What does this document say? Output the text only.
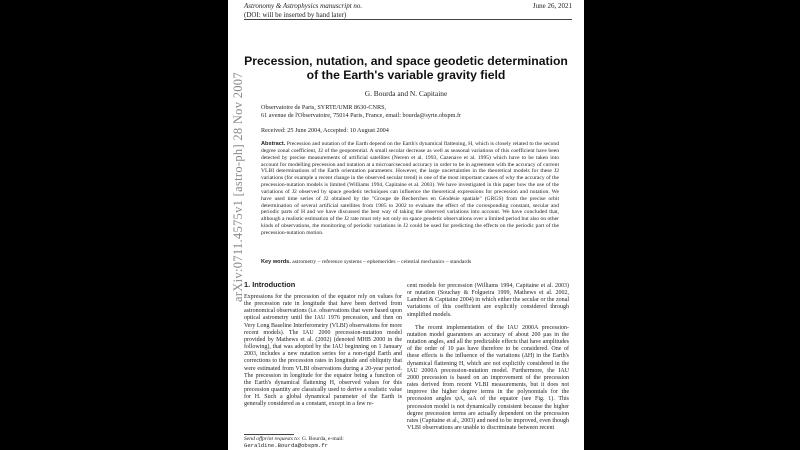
Astronomy & Astrophysics manuscript no.
(DOI: will be inserted by hand later)
June 26, 2021
Precession, nutation, and space geodetic determination of the Earth's variable gravity field
G. Bourda and N. Capitaine
Observatoire de Paris, SYRTE/UMR 8630-CNRS,
61 avenue de l'Observatoire, 75014 Paris, France, email: bourda@syrte.obspm.fr
Received: 25 June 2004, Accepted: 10 August 2004
Abstract. Precession and nutation of the Earth depend on the Earth's dynamical flattening, H, which is closely related to the second degree zonal coefficient, J2 of the geopotential. A small secular decrease as well as seasonal variations of this coefficient have been detected by precise measurements of artificial satellites (Nerem et al. 1993, Cazenave et al. 1995) which have to be taken into account for modelling precession and nutation at a microarcsecond accuracy in order to be in agreement with the accuracy of current VLBI determinations of the Earth orientation parameters. However, the large uncertainties in the theoretical models for these J2 variations (for example a recent change in the observed secular trend) is one of the most important causes of why the accuracy of the precession-nutation models is limited (Williams 1994, Capitaine et al. 2003). We have investigated in this paper how the use of the variations of J2 observed by space geodetic techniques can influence the theoretical expressions for precession and nutation. We have used time series of J2 obtained by the "Groupe de Recherches en Géodésie spatiale" (GRGS) from the precise orbit determination of several artificial satellites from 1985 to 2002 to evaluate the effect of the corresponding constant, secular and periodic parts of H and we have discussed the best way of taking the observed variations into account. We have concluded that, although a realistic estimation of the J2 rate must rely not only on space geodetic observations over a limited period but also on other kinds of observations, the monitoring of periodic variations in J2 could be used for predicting the effects on the periodic part of the precession-nutation motion.
Key words. astrometry – reference systems – ephemerides – celestial mechanics – standards
1. Introduction
Expressions for the precession of the equator rely on values for the precession rate in longitude that have been derived from astronomical observations (i.e. observations that were based upon optical astrometry until the IAU 1976 precession, and then on Very Long Baseline Interferometry (VLBI) observations for more recent models). The IAU 2000 precession-nutation model provided by Mathews et al. (2002) (denoted MHB 2000 in the following), that was adopted by the IAU beginning on 1 January 2003, includes a new nutation series for a non-rigid Earth and corrections to the precession rates in longitude and obliquity that were estimated from VLBI observations during a 20-year period. The precession in longitude for the equator being a function of the Earth's dynamical flattening H, observed values for this precession quantity are classically used to derive a realistic value for H. Such a global dynamical parameter of the Earth is generally considered as a constant, except in a few re-
Send offprint requests to: G. Bourda, e-mail:
Geraldine.Bourda@obspm.fr
cent models for precession (Williams 1994, Capitaine et al. 2003) or nutation (Souchay & Folgueira 1999, Mathews et al. 2002, Lambert & Capitaine 2004) in which either the secular or the zonal variations of this coefficient are explicitly considered through simplified models.
The recent implementation of the IAU 2000A precession-nutation model guarantees an accuracy of about 200 µas in the nutation angles, and all the predictable effects that have amplitudes of the order of 10 µas have therefore to be considered. One of these effects is the influence of the variations (ΔH) in the Earth's dynamical flattening H, which are not explicitly considered in the IAU 2000A precession-nutation model. Furthermore, the IAU 2000 precession is based on an improvement of the precession rates derived from recent VLBI measurements, but it does not improve the higher degree terms in the polynomials for the precession angles ψA, ωA of the equator (see Fig. 1). This precession model is not dynamically consistent because the higher degree precession terms are actually dependent on the precession rates (Capitaine et al., 2003) and need to be improved, even though VLBI observations are unable to discriminate between recent
arXiv:0711.4575v1 [astro-ph] 28 Nov 2007
